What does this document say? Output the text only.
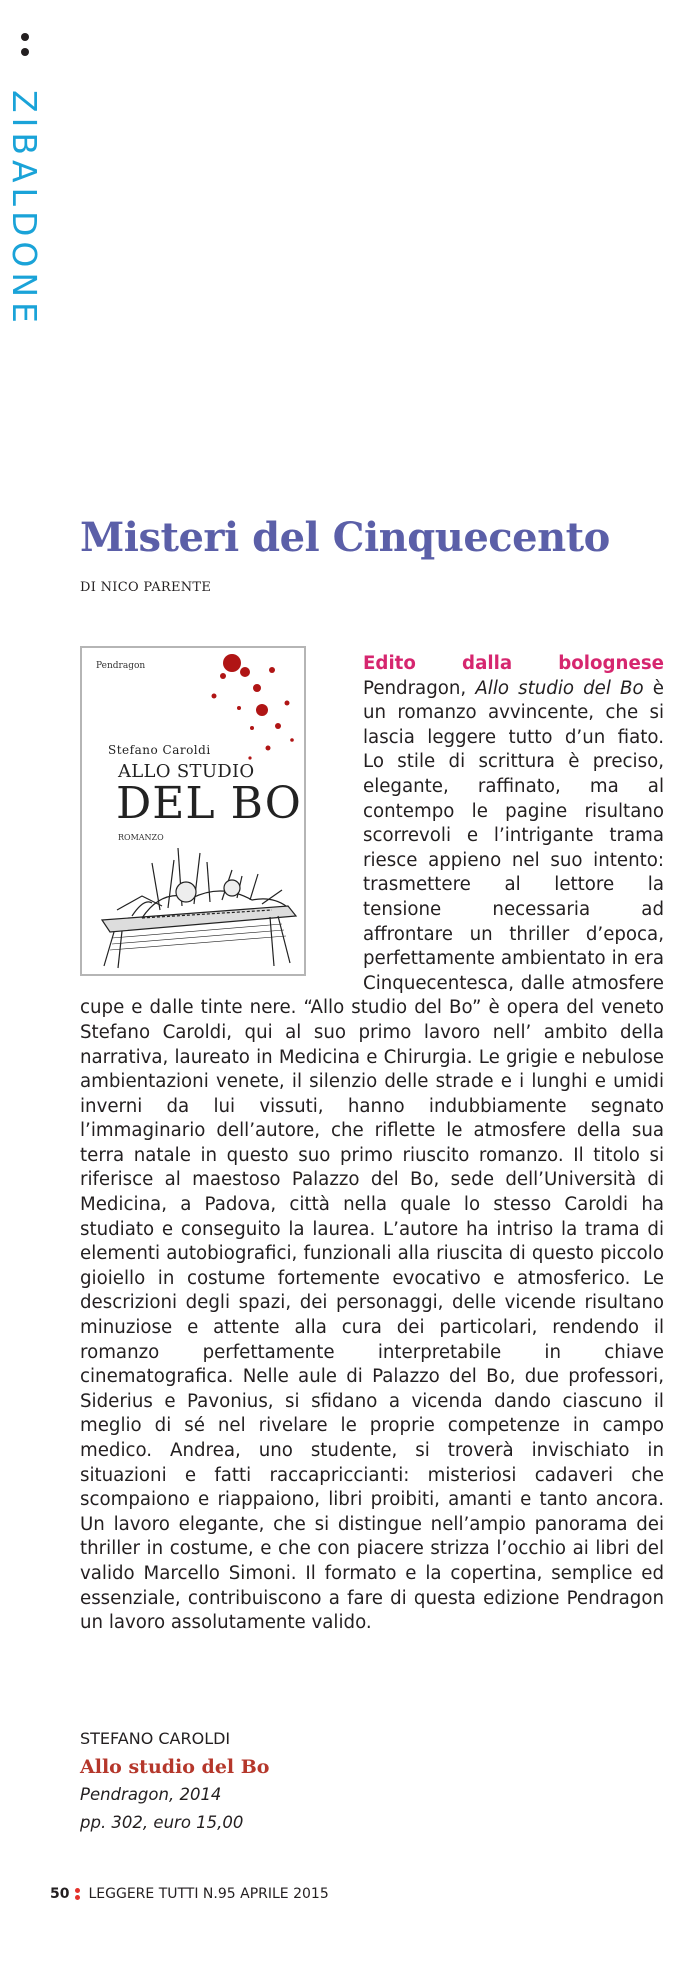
ZIBALDONE
Misteri del Cinquecento
DI NICO PARENTE
Pendragon
Stefano Caroldi
ALLO STUDIO
DEL BO
ROMANZO

Edito dalla bolognese Pendragon, Allo studio del Bo è un romanzo avvincente, che si lascia leggere tutto d’un fiato. Lo stile di scrittura è preciso, elegante, raffinato, ma al contempo le pagine risultano scorrevoli e l’intrigante trama riesce appieno nel suo intento: trasmettere al lettore la tensione necessaria ad affrontare un thriller d’epoca, perfettamente ambientato in era Cinquecentesca, dalle atmosfere cupe e dalle tinte nere. “Allo studio del Bo” è opera del veneto Stefano Caroldi, qui al suo primo lavoro nell’ ambito della narrativa, laureato in Medicina e Chirurgia. Le grigie e nebulose ambientazioni venete, il silenzio delle strade e i lunghi e umidi inverni da lui vissuti, hanno indubbiamente segnato l’immaginario dell’autore, che riflette le atmosfere della sua terra natale in questo suo primo riuscito romanzo. Il titolo si riferisce al maestoso Palazzo del Bo, sede dell’Università di Medicina, a Padova, città nella quale lo stesso Caroldi ha studiato e conseguito la laurea. L’autore ha intriso la trama di elementi autobiografici, funzionali alla riuscita di questo piccolo gioiello in costume fortemente evocativo e atmosferico. Le descrizioni degli spazi, dei personaggi, delle vicende risultano minuziose e attente alla cura dei particolari, rendendo il romanzo perfettamente interpretabile in chiave cinematografica. Nelle aule di Palazzo del Bo, due professori, Siderius e Pavonius, si sfidano a vicenda dando ciascuno il meglio di sé nel rivelare le proprie competenze in campo medico. Andrea, uno studente, si troverà invischiato in situazioni e fatti raccapriccianti: misteriosi cadaveri che scompaiono e riappaiono, libri proibiti, amanti e tanto ancora. Un lavoro elegante, che si distingue nell’ampio panorama dei thriller in costume, e che con piacere strizza l’occhio ai libri del valido Marcello Simoni. Il formato e la copertina, semplice ed essenziale, contribuiscono a fare di questa edizione Pendragon un lavoro assolutamente valido.

STEFANO CAROLDI
Allo studio del Bo
Pendragon, 2014
pp. 302, euro 15,00
50 LEGGERE TUTTI N.95 APRILE 2015
